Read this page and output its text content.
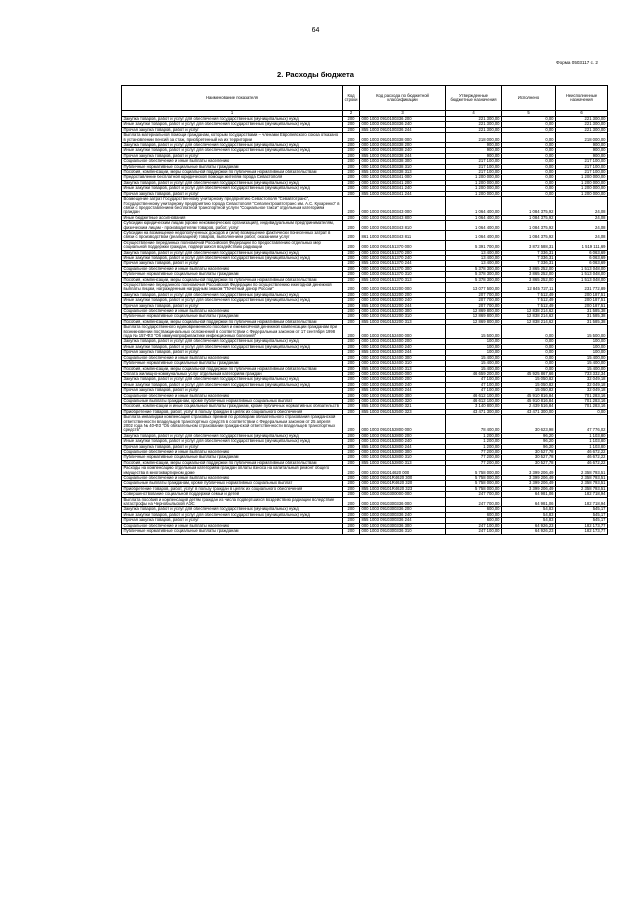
64
Форма 0503117 с. 2
2. Расходы бюджета
Наименование показателя	Код строки	Код расхода по бюджетной классификации	Утвержденные бюджетные назначения	Исполнено	Неисполненные назначения
1	2	3	4	5	6
Закупка товаров, работ и услуг для обеспечения государственных (муниципальных) нужд	200	000 1003 0910100336 200	221 300,00	0,00	221 300,00
Иные закупки товаров, работ и услуг для обеспечения государственных (муниципальных) нужд	200	000 1003 0910100336 240	221 300,00	0,00	221 300,00
Прочая закупка товаров, работ и услуг	200	855 1003 0910100336 244	221 300,00	0,00	221 300,00
Выплата материальной помощи гражданам, которым государствами – членами Европейского союза отказано в установлении пенсий за стаж, приобретенный на их территории	200	000 1003 0910100338 000	218 000,00	0,00	218 000,00
Закупка товаров, работ и услуг для обеспечения государственных (муниципальных) нужд	200	000 1003 0910100338 200	900,00	0,00	900,00
Иные закупки товаров, работ и услуг для обеспечения государственных (муниципальных) нужд	200	000 1003 0910100338 240	900,00	0,00	900,00
Прочая закупка товаров, работ и услуг	200	855 1003 0910100338 244	900,00	0,00	900,00
Социальное обеспечение и иные выплаты населению	200	000 1003 0910100338 300	217 100,00	0,00	217 100,00
Публичные нормативные социальные выплаты гражданам	200	000 1003 0910100338 310	217 100,00	0,00	217 100,00
Пособия, компенсации, меры социальной поддержки по публичным нормативным обязательствам	200	855 1003 0910100338 313	217 100,00	0,00	217 100,00
Предоставление бесплатной юридической помощи жителям города Севастополя	200	000 1003 0910100341 000	1 200 000,00	0,00	1 200 000,00
Закупка товаров, работ и услуг для обеспечения государственных (муниципальных) нужд	200	000 1003 0910100341 200	1 200 000,00	0,00	1 200 000,00
Иные закупки товаров, работ и услуг для обеспечения государственных (муниципальных) нужд	200	000 1003 0910100341 240	1 200 000,00	0,00	1 200 000,00
Прочая закупка товаров, работ и услуг	200	855 1003 0910100341 244	1 200 000,00	0,00	1 200 000,00
Возмещение затрат Государственному унитарному предприятию Севастополя "Севавтотранс", Государственному унитарному предприятию города Севастополя "Севэлектроавтотранс им. А.С. Кухаренко" в связи с предоставлением бесплатной транспортной услуги "Социальное такси" отдельным категориям граждан	200	000 1003 0910100343 000	1 064 400,00	1 084 375,92	24,08
Иные бюджетные ассигнования	200	000 1003 0910100343 800	1 064 400,00	1 084 375,92	24,08
Субсидии юридическим лицам (кроме некоммерческих организаций), индивидуальным предпринимателям, физическим лицам - производителям товаров, работ, услуг	200	000 1003 0910100343 810	1 064 400,00	1 084 375,92	24,08
Субсидии на возмещение недополученных доходов и (или) возмещение фактически понесенных затрат в связи с производством (реализацией) товаров, выполнением работ, оказанием услуг	200	861 1003 0910100343 811	1 064 400,00	1 084 375,92	24,08
Осуществление переданных полномочий Российской Федерации по предоставлению отдельных мер социальной поддержки граждан, подвергшихся воздействию радиации	200	000 1003 0910151370 000	5 391 700,00	3 872 588,31	1 519 111,69
Закупка товаров, работ и услуг для обеспечения государственных (муниципальных) нужд	200	000 1003 0910151370 200	13 400,00	7 336,31	6 063,69
Иные закупки товаров, работ и услуг для обеспечения государственных (муниципальных) нужд	200	000 1003 0910151370 240	13 400,00	7 336,31	6 063,69
Прочая закупка товаров, работ и услуг	200	855 1003 0910151370 244	13 400,00	7 336,31	6 063,69
Социальное обеспечение и иные выплаты населению	200	000 1003 0910151370 300	5 378 300,00	3 865 252,00	1 513 048,00
Публичные нормативные социальные выплаты гражданам	200	000 1003 0910151370 310	5 378 300,00	3 865 252,00	1 513 048,00
Пособия, компенсации, меры социальной поддержки по публичным нормативным обязательствам	200	855 1003 0910151370 313	5 378 300,00	3 865 252,00	1 513 048,00
Осуществление переданного полномочия Российской Федерации по осуществлению ежегодной денежной выплаты лицам, награжденным нагрудным знаком "Почетный донор России"	200	000 1003 0910152200 000	13 077 500,00	12 845 727,11	231 772,89
Закупка товаров, работ и услуг для обеспечения государственных (муниципальных) нужд	200	000 1003 0910152200 200	207 700,00	7 512,49	200 187,51
Иные закупки товаров, работ и услуг для обеспечения государственных (муниципальных) нужд	200	000 1003 0910152200 240	207 700,00	7 512,49	200 187,51
Прочая закупка товаров, работ и услуг	200	855 1003 0910152200 244	207 700,00	7 512,49	200 187,51
Социальное обеспечение и иные выплаты населению	200	000 1003 0910152200 300	12 869 800,00	12 838 214,62	31 585,38
Публичные нормативные социальные выплаты гражданам	200	000 1003 0910152200 310	12 869 800,00	12 838 214,62	31 585,38
Пособия, компенсации, меры социальной поддержки по публичным нормативным обязательствам	200	855 1003 0910152200 313	12 869 800,00	12 838 214,62	31 585,38
Выплата государственного единовременного пособия и ежемесячной денежной компенсации гражданам при возникновении поствакцинальных осложнений в соответствии с Федеральным законом от 17 сентября 1998 года № 157-ФЗ "Об иммунопрофилактике инфекционных болезней"	200	000 1003 0910152400 000	15 500,00	0,00	15 500,00
Закупка товаров, работ и услуг для обеспечения государственных (муниципальных) нужд	200	000 1003 0910152400 200	100,00	0,00	100,00
Иные закупки товаров, работ и услуг для обеспечения государственных (муниципальных) нужд	200	000 1003 0910152400 240	100,00	0,00	100,00
Прочая закупка товаров, работ и услуг	200	855 1003 0910152400 244	100,00	0,00	100,00
Социальное обеспечение и иные выплаты населению	200	000 1003 0910152400 300	15 400,00	0,00	15 400,00
Публичные нормативные социальные выплаты гражданам	200	000 1003 0910152400 310	15 400,00	0,00	15 400,00
Пособия, компенсации, меры социальной поддержки по публичным нормативным обязательствам	200	855 1003 0910152400 313	15 400,00	0,00	15 400,00
Оплата жилищно-коммунальных услуг отдельным категориям граждан	200	000 1003 0910152500 000	46 659 200,00	45 925 867,66	733 332,34
Закупка товаров, работ и услуг для обеспечения государственных (муниципальных) нужд	200	000 1003 0910152500 200	47 100,00	15 050,82	32 049,18
Иные закупки товаров, работ и услуг для обеспечения государственных (муниципальных) нужд	200	000 1003 0910152500 240	47 100,00	15 050,82	32 049,18
Прочая закупка товаров, работ и услуг	200	855 1003 0910152500 244	47 100,00	15 050,82	32 049,18
Социальное обеспечение и иные выплаты населению	200	000 1003 0910152500 300	46 612 100,00	45 910 816,84	701 283,16
Социальные выплаты гражданам, кроме публичных нормативных социальных выплат	200	000 1003 0910152500 320	46 612 100,00	45 910 816,84	701 283,16
Пособия, компенсации и иные социальные выплаты гражданам, кроме публичных нормативных обязательств	200	855 1003 0910152500 321	3 140 800,00	2 439 516,84	701 283,16
Приобретение товаров, работ, услуг в пользу граждан в целях их социального обеспечения	200	855 1003 0910152500 323	43 471 300,00	43 471 300,00	0,00
Выплата инвалидам компенсаций страховых премий по договорам обязательного страхования гражданской ответственности владельцев транспортных средств в соответствии с Федеральным законом от 25 апреля 2002 года № 40-ФЗ "Об обязательном страховании гражданской ответственности владельцев транспортных средств"	200	000 1003 0910152800 000	78 400,00	30 623,98	47 776,02
Закупка товаров, работ и услуг для обеспечения государственных (муниципальных) нужд	200	000 1003 0910152800 200	1 200,00	96,20	1 103,80
Иные закупки товаров, работ и услуг для обеспечения государственных (муниципальных) нужд	200	000 1003 0910152800 240	1 200,00	96,20	1 103,80
Прочая закупка товаров, работ и услуг	200	855 1003 0910152800 244	1 200,00	96,20	1 103,80
Социальное обеспечение и иные выплаты населению	200	000 1003 0910152800 300	77 200,00	30 527,78	46 672,22
Публичные нормативные социальные выплаты гражданам	200	000 1003 0910152800 310	77 200,00	30 527,78	46 672,22
Пособия, компенсации, меры социальной поддержки по публичным нормативным обязательствам	200	855 1003 0910152800 313	77 200,00	30 527,78	46 672,22
Расходы на компенсацию отдельным категориям граждан оплаты взноса на капитальный ремонт общего имущества в многоквартирном доме	200	000 1003 091014620 000	5 758 000,00	3 399 206,49	2 358 793,51
Социальное обеспечение и иные выплаты населению	200	000 1003 09101R4620 300	5 758 000,00	3 399 206,49	2 358 793,51
Социальные выплаты гражданам, кроме публичных нормативных социальных выплат	200	000 1003 09101R4620 320	5 758 000,00	3 399 206,49	2 358 793,51
Приобретение товаров, работ, услуг в пользу граждан в целях их социального обеспечения	200	855 1003 09101R4620 323	5 758 000,00	3 399 206,49	2 358 793,51
Совершенствование социальной поддержки семьи и детей	200	000 1003 0910300000 000	247 700,00	64 981,06	182 718,94
Выплата пособий и компенсаций детям граждан из числа подвергшихся воздействию радиации вследствие катастрофы на Чернобыльской АЭС	200	000 1003 0910300336 000	247 700,00	64 981,06	182 718,94
Закупка товаров, работ и услуг для обеспечения государственных (муниципальных) нужд	200	000 1003 0910300336 200	600,00	54,83	545,17
Иные закупки товаров, работ и услуг для обеспечения государственных (муниципальных) нужд	200	000 1003 0910300336 240	600,00	54,83	545,17
Прочая закупка товаров, работ и услуг	200	855 1003 0910300336 244	600,00	54,83	545,17
Социальное обеспечение и иные выплаты населению	200	000 1003 0910300336 300	247 100,00	64 926,23	182 173,77
Публичные нормативные социальные выплаты гражданам	200	000 1003 0910300336 310	247 100,00	64 926,23	182 173,77
